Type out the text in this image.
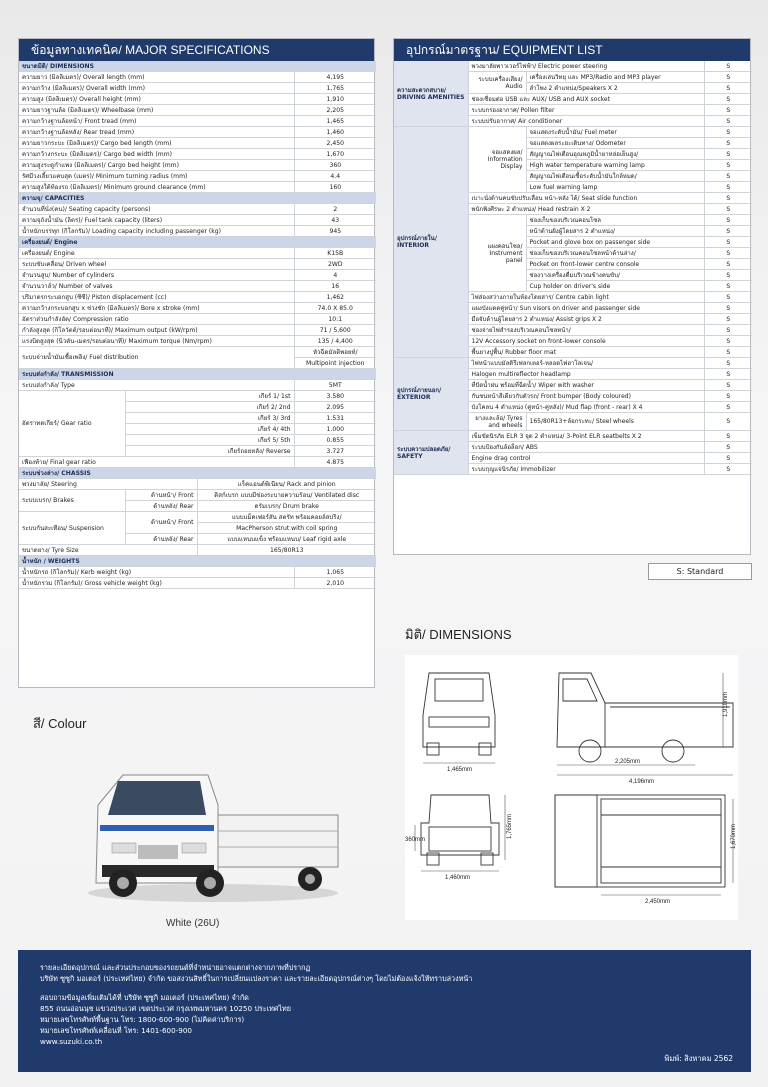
ข้อมูลทางเทคนิค/ MAJOR SPECIFICATIONS
ขนาดมิติ/ DIMENSIONS			
ความยาว (มิลลิเมตร)/ Overall length (mm)			4,195
ความกว้าง (มิลลิเมตร)/ Overall width (mm)			1,765
ความสูง (มิลลิเมตร)/ Overall height (mm)			1,910
ความยาวฐานล้อ (มิลลิเมตร)/ Wheelbase (mm)			2,205
ความกว้างฐานล้อหน้า/ Front tread (mm)			1,465
ความกว้างฐานล้อหลัง/ Rear tread (mm)			1,460
ความยาวกระบะ (มิลลิเมตร)/ Cargo bed length (mm)			2,450
ความกว้างกระบะ (มิลลิเมตร)/ Cargo bed width (mm)			1,670
ความสูงระดูกำแพง (มิลลิเมตร)/ Cargo bed height (mm)			360
รัศมีวงเลี้ยวแคบสุด (เมตร)/ Minimum turning radius (mm)			4.4
ความสูงใต้ท้องรถ (มิลลิเมตร)/ Minimum ground clearance (mm)			160
ความจุ/ CAPACITIES			
จำนวนที่นั่ง(คน)/ Seating capacity (persons)			2
ความจุถังน้ำมัน (ลิตร)/ Fuel tank capacity (liters)			43
น้ำหนักบรรทุก (กิโลกรัม)/ Loading capacity including passenger (kg)			945
เครื่องยนต์/ Engine			
เครื่องยนต์/ Engine			K15B
ระบบขับเคลื่อน/ Driven wheel			2WD
จำนวนสูบ/ Number of cylinders			4
จำนวนวาล์ว/ Number of valves			16
ปริมาตรกระบอกสูบ (ซีซี)/ Piston displacement (cc)			1,462
ความกว้างกระบอกสูบ x ช่วงชัก (มิลลิเมตร)/ Bore x stroke (mm)			74.0 X 85.0
อัตราส่วนกำลังอัด/ Compression ratio			10:1
กำลังสูงสุด (กิโลวัตต์/รอบต่อนาที)/ Maximum output (kW/rpm)			71 / 5,600
แรงบิดสูงสุด (นิวตัน-เมตร/รอบต่อนาที)/ Maximum torque (Nm/rpm)			135 / 4,400
ระบบจ่ายน้ำมันเชื้อเพลิง/ Fuel distribution			หัวฉีดมัลติพอยท์/
			Multipoint injection
ระบบส่งกำลัง/ TRANSMISSION			
ระบบส่งกำลัง/ Type			5MT
อัตราทดเกียร์/ Gear ratio	เกียร์ 1/ 1st		3.580
	เกียร์ 2/ 2nd		2.095
	เกียร์ 3/ 3rd		1.531
	เกียร์ 4/ 4th		1.000
	เกียร์ 5/ 5th		0.855
	เกียร์ถอยหลัง/ Reverse		3.727
เฟืองท้าย/ Final gear ratio			4.875
ระบบช่วงล่าง/ CHASSIS			
พวงมาลัย/ Steering		แร็คแอนด์พิเนียน/ Rack and pinion	
ระบบเบรก/ Brakes	ด้านหน้า/ Front	ดิสก์เบรก แบบมีช่องระบายความร้อน/ Ventilated disc	
	ด้านหลัง/ Rear	ดรัมเบรก/ Drum brake	
ระบบกันสะเทือน/ Suspension	ด้านหน้า/ Front	แบบแม็คเฟอร์สัน สตรัท พร้อมคอยล์สปริง/	
		MacPherson strut with coil spring	
	ด้านหลัง/ Rear	แบบแหนบแข็ง พร้อมแหนบ/ Leaf rigid axle	
ขนาดยาง/ Tyre Size		165/80R13	
น้ำหนัก / WEIGHTS			
น้ำหนักรถ (กิโลกรัม)/ Kerb weight (kg)			1,065
น้ำหนักรวม (กิโลกรัม)/ Gross vehicle weight (kg)			2,010
อุปกรณ์มาตรฐาน/ EQUIPMENT LIST
ความสะดวกสบาย/ DRIVING AMENITIES	พวงมาลัยพาวเวอร์ไฟฟ้า/ Electric power steering		S
	ระบบเครื่องเสียง/ Audio	เครื่องเล่นวิทยุ และ MP3/Radio and MP3 player	S
		ลำโพง 2 ตำแหน่ง/Speakers X 2	S
	ช่องเชื่อมต่อ USB และ AUX/ USB and AUX socket		S
	ระบบกรองอากาศ/ Pollen filter		S
	ระบบปรับอากาศ/ Air conditioner		S
อุปกรณ์ภายใน/ INTERIOR	จอแสดงผล/ Information Display	จอแสดงระดับน้ำมัน/ Fuel meter	S
		จอแสดงผลระยะเดินทาง/ Odometer	S
		สัญญาณไฟเตือนอุณหภูมิน้ำยาหล่อเย็นสูง/	S
		High water temperature warning lamp	S
		สัญญาณไฟเตือนเชื้อระดับน้ำมันใกล้หมด/	S
		Low fuel warning lamp	S
	เบาะนั่งด้านคนขับปรับเลื่อน หน้า-หลัง ได้/ Seat slide function		S
	พนักพิงศีรษะ 2 ตำแหน่ง/ Head restrain X 2		S
	แผงคอนโซล/ Instrument panel	ช่องเก็บของบริเวณคอนโซล	S
		หน้าด้านฝั่งผู้โดยสาร 2 ตำแหน่ง/	S
		Pocket and glove box on passenger side	S
		ช่องเก็บของบริเวณคอนโซลหน้าด้านล่าง/	S
		Pocket on front-lower centre console	S
		ช่องวางเครื่องดื่มบริเวณข้างคนขับ/	S
		Cup holder on driver's side	S
	ไฟส่องสว่างภายในห้องโดยสาร/ Centre cabin light		S
	แผงบังแดดคู่หน้า/ Sun visors on driver and passenger side		S
	มือจับด้านผู้โดยสาร 2 ตำแหน่ง/ Assist grips X 2		S
	ช่องจ่ายไฟสำรองบริเวณคอนโซลหน้า/		S
	12V Accessory socket on front-lower console		S
	พื้นยางปูพื้น/ Rubber floor mat		S
อุปกรณ์ภายนอก/ EXTERIOR	ไฟหน้าแบบมัลติรีเฟลกเตอร์-หลอดไฟฮาโลเจน/		S
	Halogen multireflector headlamp		S
	ที่ปัดน้ำฝน พร้อมที่ฉีดน้ำ/ Wiper with washer		S
	กันชนหน้าสีเดียวกับตัวรถ/ Front bumper (Body coloured)		S
	บังโคลน 4 ตำแหน่ง (คู่หน้า-คู่หลัง)/ Mud flap (front - rear) X 4		S
	ยางและล้อ/ Tyres and wheels	165/80R13+ล้อกระทะ/ Steel wheels	S
ระบบความปลอดภัย/ SAFETY	เข็มขัดนิรภัย ELR 3 จุด 2 ตำแหน่ง/ 3-Point ELR seatbelts X 2		S
	ระบบป้องกันล้อล็อก/ ABS		S
	Engine drag control		S
	ระบบกุญแจนิรภัย/ Immobilizer		S
S: Standard
มิติ/ DIMENSIONS
1,465mm
2,205mm
4,196mm
1,910mm
360mm
1,765mm
1,460mm
2,450mm
1,670mm
สี/ Colour
White (26U)

รายละเอียดอุปกรณ์ และส่วนประกอบของรถยนต์ที่จำหน่ายอาจแตกต่างจากภาพที่ปรากฏ

บริษัท ซูซูกิ มอเตอร์ (ประเทศไทย) จำกัด ขอสงวนสิทธิ์ในการเปลี่ยนแปลงราคา และรายละเอียดอุปกรณ์ต่างๆ โดยไม่ต้องแจ้งให้ทราบล่วงหน้า

สอบถามข้อมูลเพิ่มเติมได้ที่ บริษัท ซูซูกิ มอเตอร์ (ประเทศไทย) จำกัด

855 ถนนอ่อนนุช แขวงประเวศ เขตประเวศ กรุงเทพมหานคร 10250 ประเทศไทย

หมายเลขโทรศัพท์พื้นฐาน โทร: 1800-600-900 (ไม่คิดค่าบริการ)

หมายเลขโทรศัพท์เคลื่อนที่ โทร: 1401-600-900

www.suzuki.co.th

พิมพ์: สิงหาคม 2562
